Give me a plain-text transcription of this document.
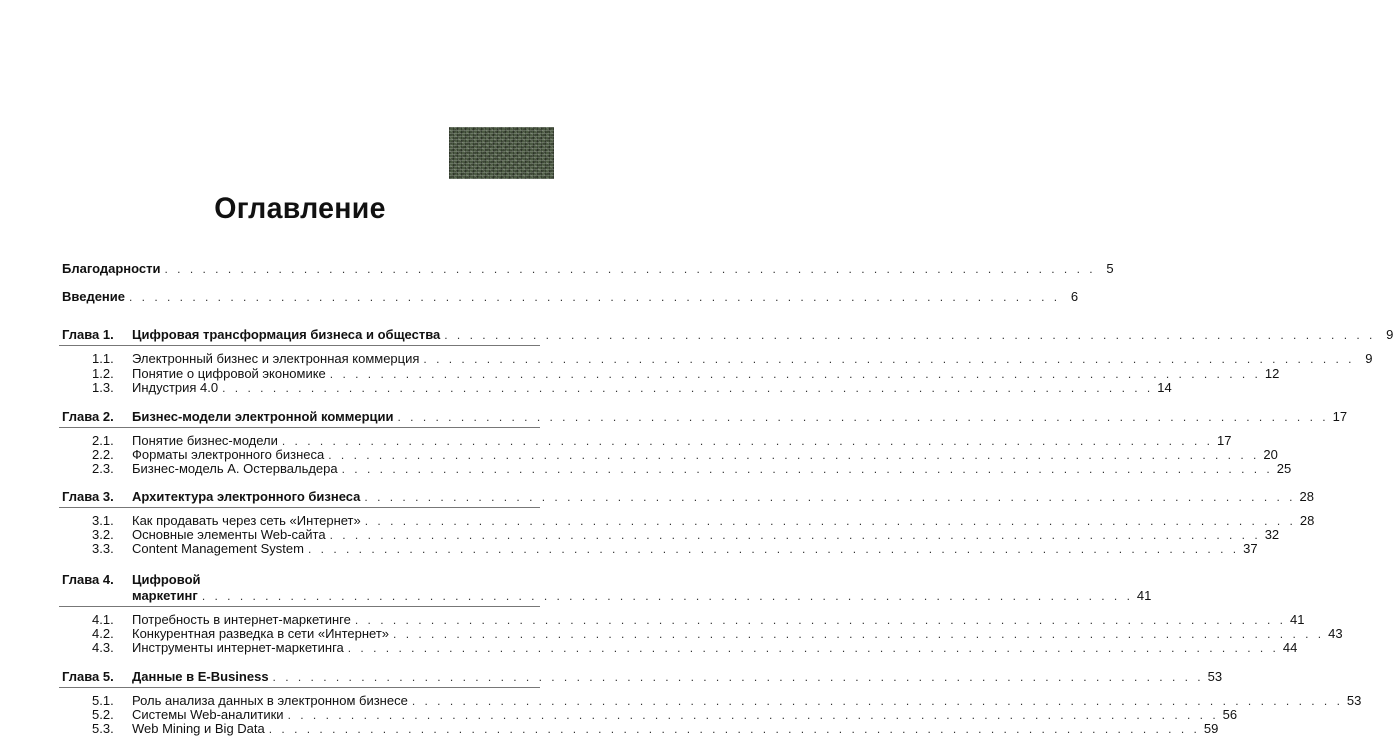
Оглавление
Благодарности . . . . . . . . . . . . . . . . . . . . . . . . . . . . . . . . . . . . . . . . . . . . . . . . . . . . . . . . . . . . . . . . . . . . . . . . . . 5
Введение . . . . . . . . . . . . . . . . . . . . . . . . . . . . . . . . . . . . . . . . . . . . . . . . . . . . . . . . . . . . . . . . . . . . . . . . . . 6
Глава 1. Цифровая трансформация бизнеса и общества . . . . . . . . . . . . . . . . . . . . . . . . . . . . . . . . . . . . . . . . . . . . . . . . . . . . . . . . . . . . . . . . . . . . . . . . . . 9
1.1. Электронный бизнес и электронная коммерция . . . . . . . . . . . . . . . . . . . . . . . . . . . . . . . . . . . . . . . . . . . . . . . . . . . . . . . . . . . . . . . . . . . . . . . . . . 9
1.2. Понятие о цифровой экономике . . . . . . . . . . . . . . . . . . . . . . . . . . . . . . . . . . . . . . . . . . . . . . . . . . . . . . . . . . . . . . . . . . . . . . . . . . 12
1.3. Индустрия 4.0 . . . . . . . . . . . . . . . . . . . . . . . . . . . . . . . . . . . . . . . . . . . . . . . . . . . . . . . . . . . . . . . . . . . . . . . . . . 14
Глава 2. Бизнес-модели электронной коммерции . . . . . . . . . . . . . . . . . . . . . . . . . . . . . . . . . . . . . . . . . . . . . . . . . . . . . . . . . . . . . . . . . . . . . . . . . . 17
2.1. Понятие бизнес-модели . . . . . . . . . . . . . . . . . . . . . . . . . . . . . . . . . . . . . . . . . . . . . . . . . . . . . . . . . . . . . . . . . . . . . . . . . . 17
2.2. Форматы электронного бизнеса . . . . . . . . . . . . . . . . . . . . . . . . . . . . . . . . . . . . . . . . . . . . . . . . . . . . . . . . . . . . . . . . . . . . . . . . . . 20
2.3. Бизнес-модель А. Остервальдера . . . . . . . . . . . . . . . . . . . . . . . . . . . . . . . . . . . . . . . . . . . . . . . . . . . . . . . . . . . . . . . . . . . . . . . . . . 25
Глава 3. Архитектура электронного бизнеса . . . . . . . . . . . . . . . . . . . . . . . . . . . . . . . . . . . . . . . . . . . . . . . . . . . . . . . . . . . . . . . . . . . . . . . . . . 28
3.1. Как продавать через сеть «Интернет» . . . . . . . . . . . . . . . . . . . . . . . . . . . . . . . . . . . . . . . . . . . . . . . . . . . . . . . . . . . . . . . . . . . . . . . . . . 28
3.2. Основные элементы Web-сайта . . . . . . . . . . . . . . . . . . . . . . . . . . . . . . . . . . . . . . . . . . . . . . . . . . . . . . . . . . . . . . . . . . . . . . . . . . 32
3.3. Content Management System . . . . . . . . . . . . . . . . . . . . . . . . . . . . . . . . . . . . . . . . . . . . . . . . . . . . . . . . . . . . . . . . . . . . . . . . . . 37
Глава 4. Цифровой
маркетинг . . . . . . . . . . . . . . . . . . . . . . . . . . . . . . . . . . . . . . . . . . . . . . . . . . . . . . . . . . . . . . . . . . . . . . . . . . 41
4.1. Потребность в интернет-маркетинге . . . . . . . . . . . . . . . . . . . . . . . . . . . . . . . . . . . . . . . . . . . . . . . . . . . . . . . . . . . . . . . . . . . . . . . . . . 41
4.2. Конкурентная разведка в сети «Интернет» . . . . . . . . . . . . . . . . . . . . . . . . . . . . . . . . . . . . . . . . . . . . . . . . . . . . . . . . . . . . . . . . . . . . . . . . . . 43
4.3. Инструменты интернет-маркетинга . . . . . . . . . . . . . . . . . . . . . . . . . . . . . . . . . . . . . . . . . . . . . . . . . . . . . . . . . . . . . . . . . . . . . . . . . . 44
Глава 5. Данные в E-Business . . . . . . . . . . . . . . . . . . . . . . . . . . . . . . . . . . . . . . . . . . . . . . . . . . . . . . . . . . . . . . . . . . . . . . . . . . 53
5.1. Роль анализа данных в электронном бизнесе . . . . . . . . . . . . . . . . . . . . . . . . . . . . . . . . . . . . . . . . . . . . . . . . . . . . . . . . . . . . . . . . . . . . . . . . . . 53
5.2. Системы Web-аналитики . . . . . . . . . . . . . . . . . . . . . . . . . . . . . . . . . . . . . . . . . . . . . . . . . . . . . . . . . . . . . . . . . . . . . . . . . . 56
5.3. Web Mining и Big Data . . . . . . . . . . . . . . . . . . . . . . . . . . . . . . . . . . . . . . . . . . . . . . . . . . . . . . . . . . . . . . . . . . . . . . . . . . 59
